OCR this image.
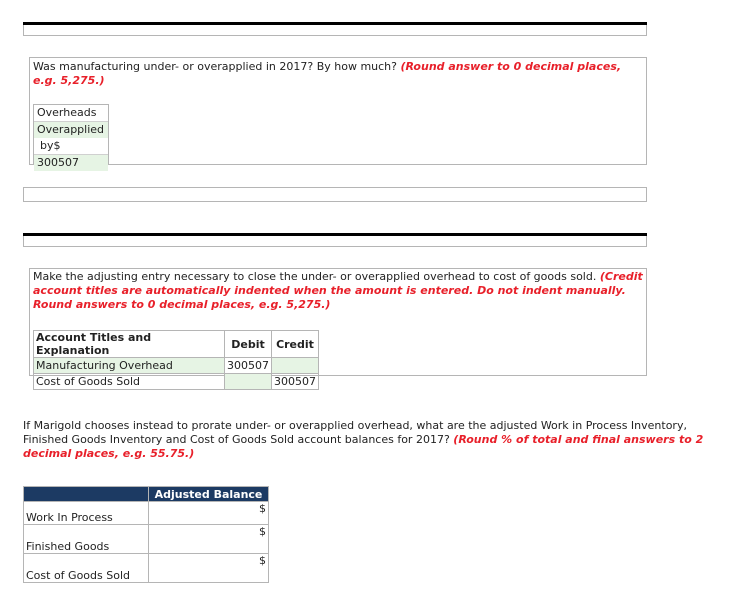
Was manufacturing under- or overapplied in 2017? By how much? (Round answer to 0 decimal places, e.g. 5,275.)
Overheads
Overapplied
by$
300507
Make the adjusting entry necessary to close the under- or overapplied overhead to cost of goods sold. (Credit account titles are automatically indented when the amount is entered. Do not indent manually. Round answers to 0 decimal places, e.g. 5,275.)
Account Titles and Explanation	Debit	Credit
Manufacturing Overhead	300507	
Cost of Goods Sold		300507
If Marigold chooses instead to prorate under- or overapplied overhead, what are the adjusted Work in Process Inventory, Finished Goods Inventory and Cost of Goods Sold account balances for 2017? (Round % of total and final answers to 2 decimal places, e.g. 55.75.)
	Adjusted Balance
Work In Process	$
Finished Goods	$
Cost of Goods Sold	$
